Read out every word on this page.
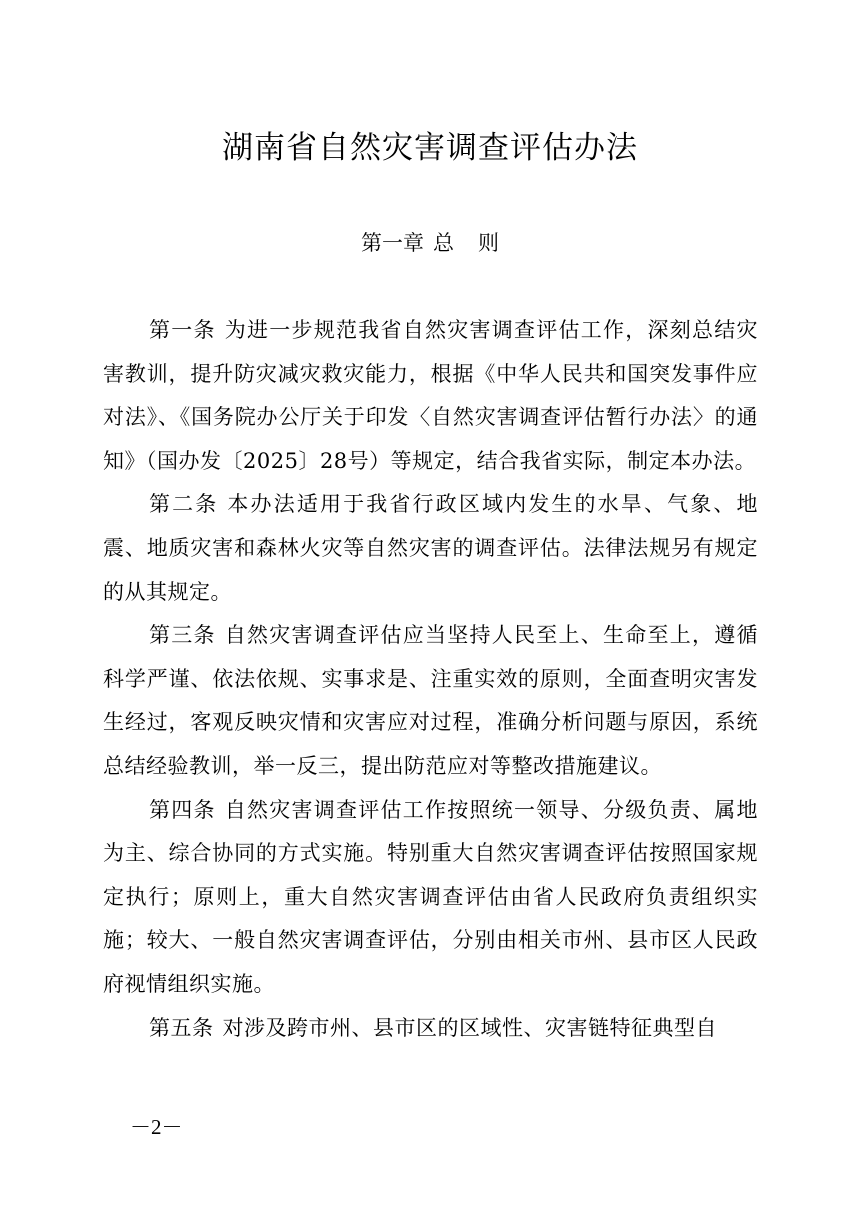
湖南省自然灾害调查评估办法
第一章 总 则

第一条 为进一步规范我省自然灾害调查评估工作，深刻总结灾害教训，提升防灾减灾救灾能力，根据《中华人民共和国突发事件应对法》、《国务院办公厅关于印发〈自然灾害调查评估暂行办法〉的通知》（国办发〔2025〕28号）等规定，结合我省实际，制定本办法。

第二条 本办法适用于我省行政区域内发生的水旱、气象、地震、地质灾害和森林火灾等自然灾害的调查评估。法律法规另有规定的从其规定。

第三条 自然灾害调查评估应当坚持人民至上、生命至上，遵循科学严谨、依法依规、实事求是、注重实效的原则，全面查明灾害发生经过，客观反映灾情和灾害应对过程，准确分析问题与原因，系统总结经验教训，举一反三，提出防范应对等整改措施建议。

第四条 自然灾害调查评估工作按照统一领导、分级负责、属地为主、综合协同的方式实施。特别重大自然灾害调查评估按照国家规定执行；原则上，重大自然灾害调查评估由省人民政府负责组织实施；较大、一般自然灾害调查评估，分别由相关市州、县市区人民政府视情组织实施。

第五条 对涉及跨市州、县市区的区域性、灾害链特征典型自

－2－
